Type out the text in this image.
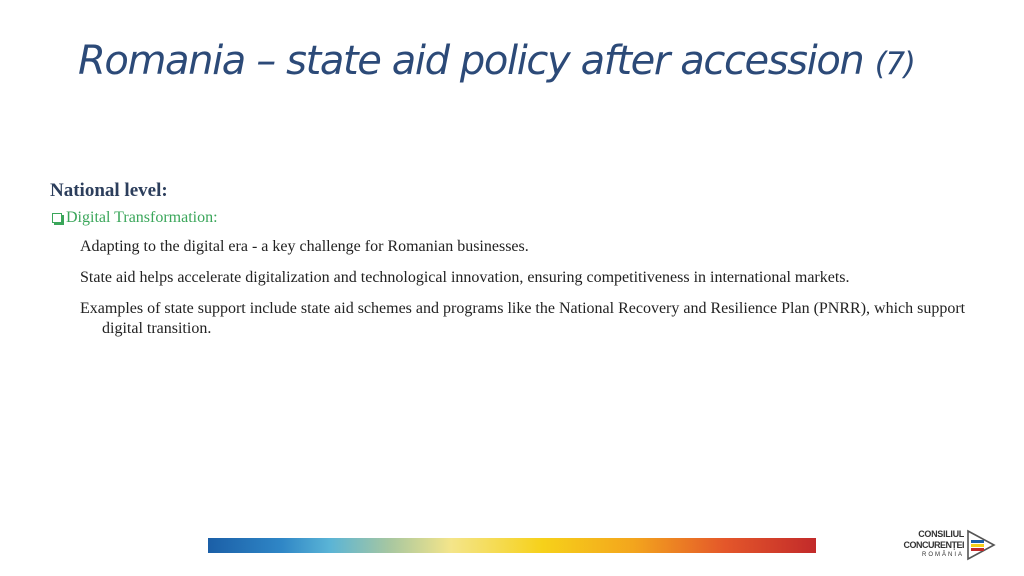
Romania – state aid policy after accession (7)
National level:
Digital Transformation:

Adapting to the digital era - a key challenge for Romanian businesses.

State aid helps accelerate digitalization and technological innovation, ensuring competitiveness in international markets.

Examples of state support include state aid schemes and programs like the National Recovery and Resilience Plan (PNRR), which support digital transition.

CONSILIUL
CONCURENȚEI
ROMÂNIA
